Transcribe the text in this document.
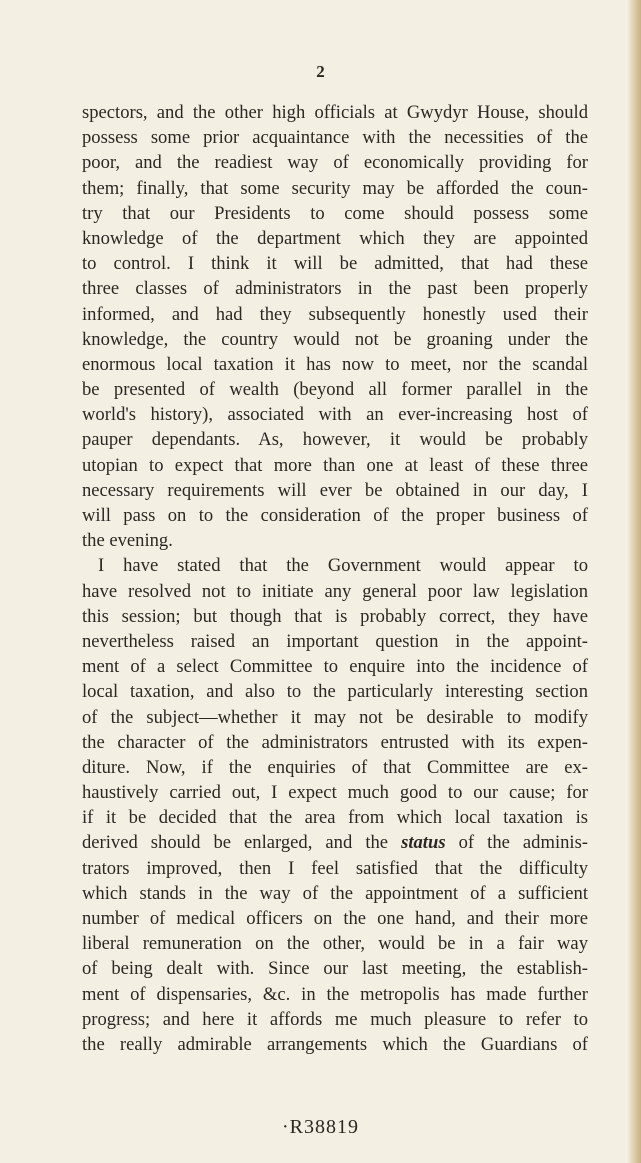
2
spectors, and the other high officials at Gwydyr House, should
possess some prior acquaintance with the necessities of the
poor, and the readiest way of economically providing for
them; finally, that some security may be afforded the coun-
try that our Presidents to come should possess some
knowledge of the department which they are appointed
to control. I think it will be admitted, that had these
three classes of administrators in the past been properly
informed, and had they subsequently honestly used their
knowledge, the country would not be groaning under the
enormous local taxation it has now to meet, nor the scandal
be presented of wealth (beyond all former parallel in the
world's history), associated with an ever-increasing host of
pauper dependants. As, however, it would be probably
utopian to expect that more than one at least of these three
necessary requirements will ever be obtained in our day, I
will pass on to the consideration of the proper business of
the evening.
I have stated that the Government would appear to
have resolved not to initiate any general poor law legislation
this session; but though that is probably correct, they have
nevertheless raised an important question in the appoint-
ment of a select Committee to enquire into the incidence of
local taxation, and also to the particularly interesting section
of the subject—whether it may not be desirable to modify
the character of the administrators entrusted with its expen-
diture. Now, if the enquiries of that Committee are ex-
haustively carried out, I expect much good to our cause; for
if it be decided that the area from which local taxation is
derived should be enlarged, and the status of the adminis-
trators improved, then I feel satisfied that the difficulty
which stands in the way of the appointment of a sufficient
number of medical officers on the one hand, and their more
liberal remuneration on the other, would be in a fair way
of being dealt with. Since our last meeting, the establish-
ment of dispensaries, &c. in the metropolis has made further
progress; and here it affords me much pleasure to refer to
the really admirable arrangements which the Guardians of
·R38819
